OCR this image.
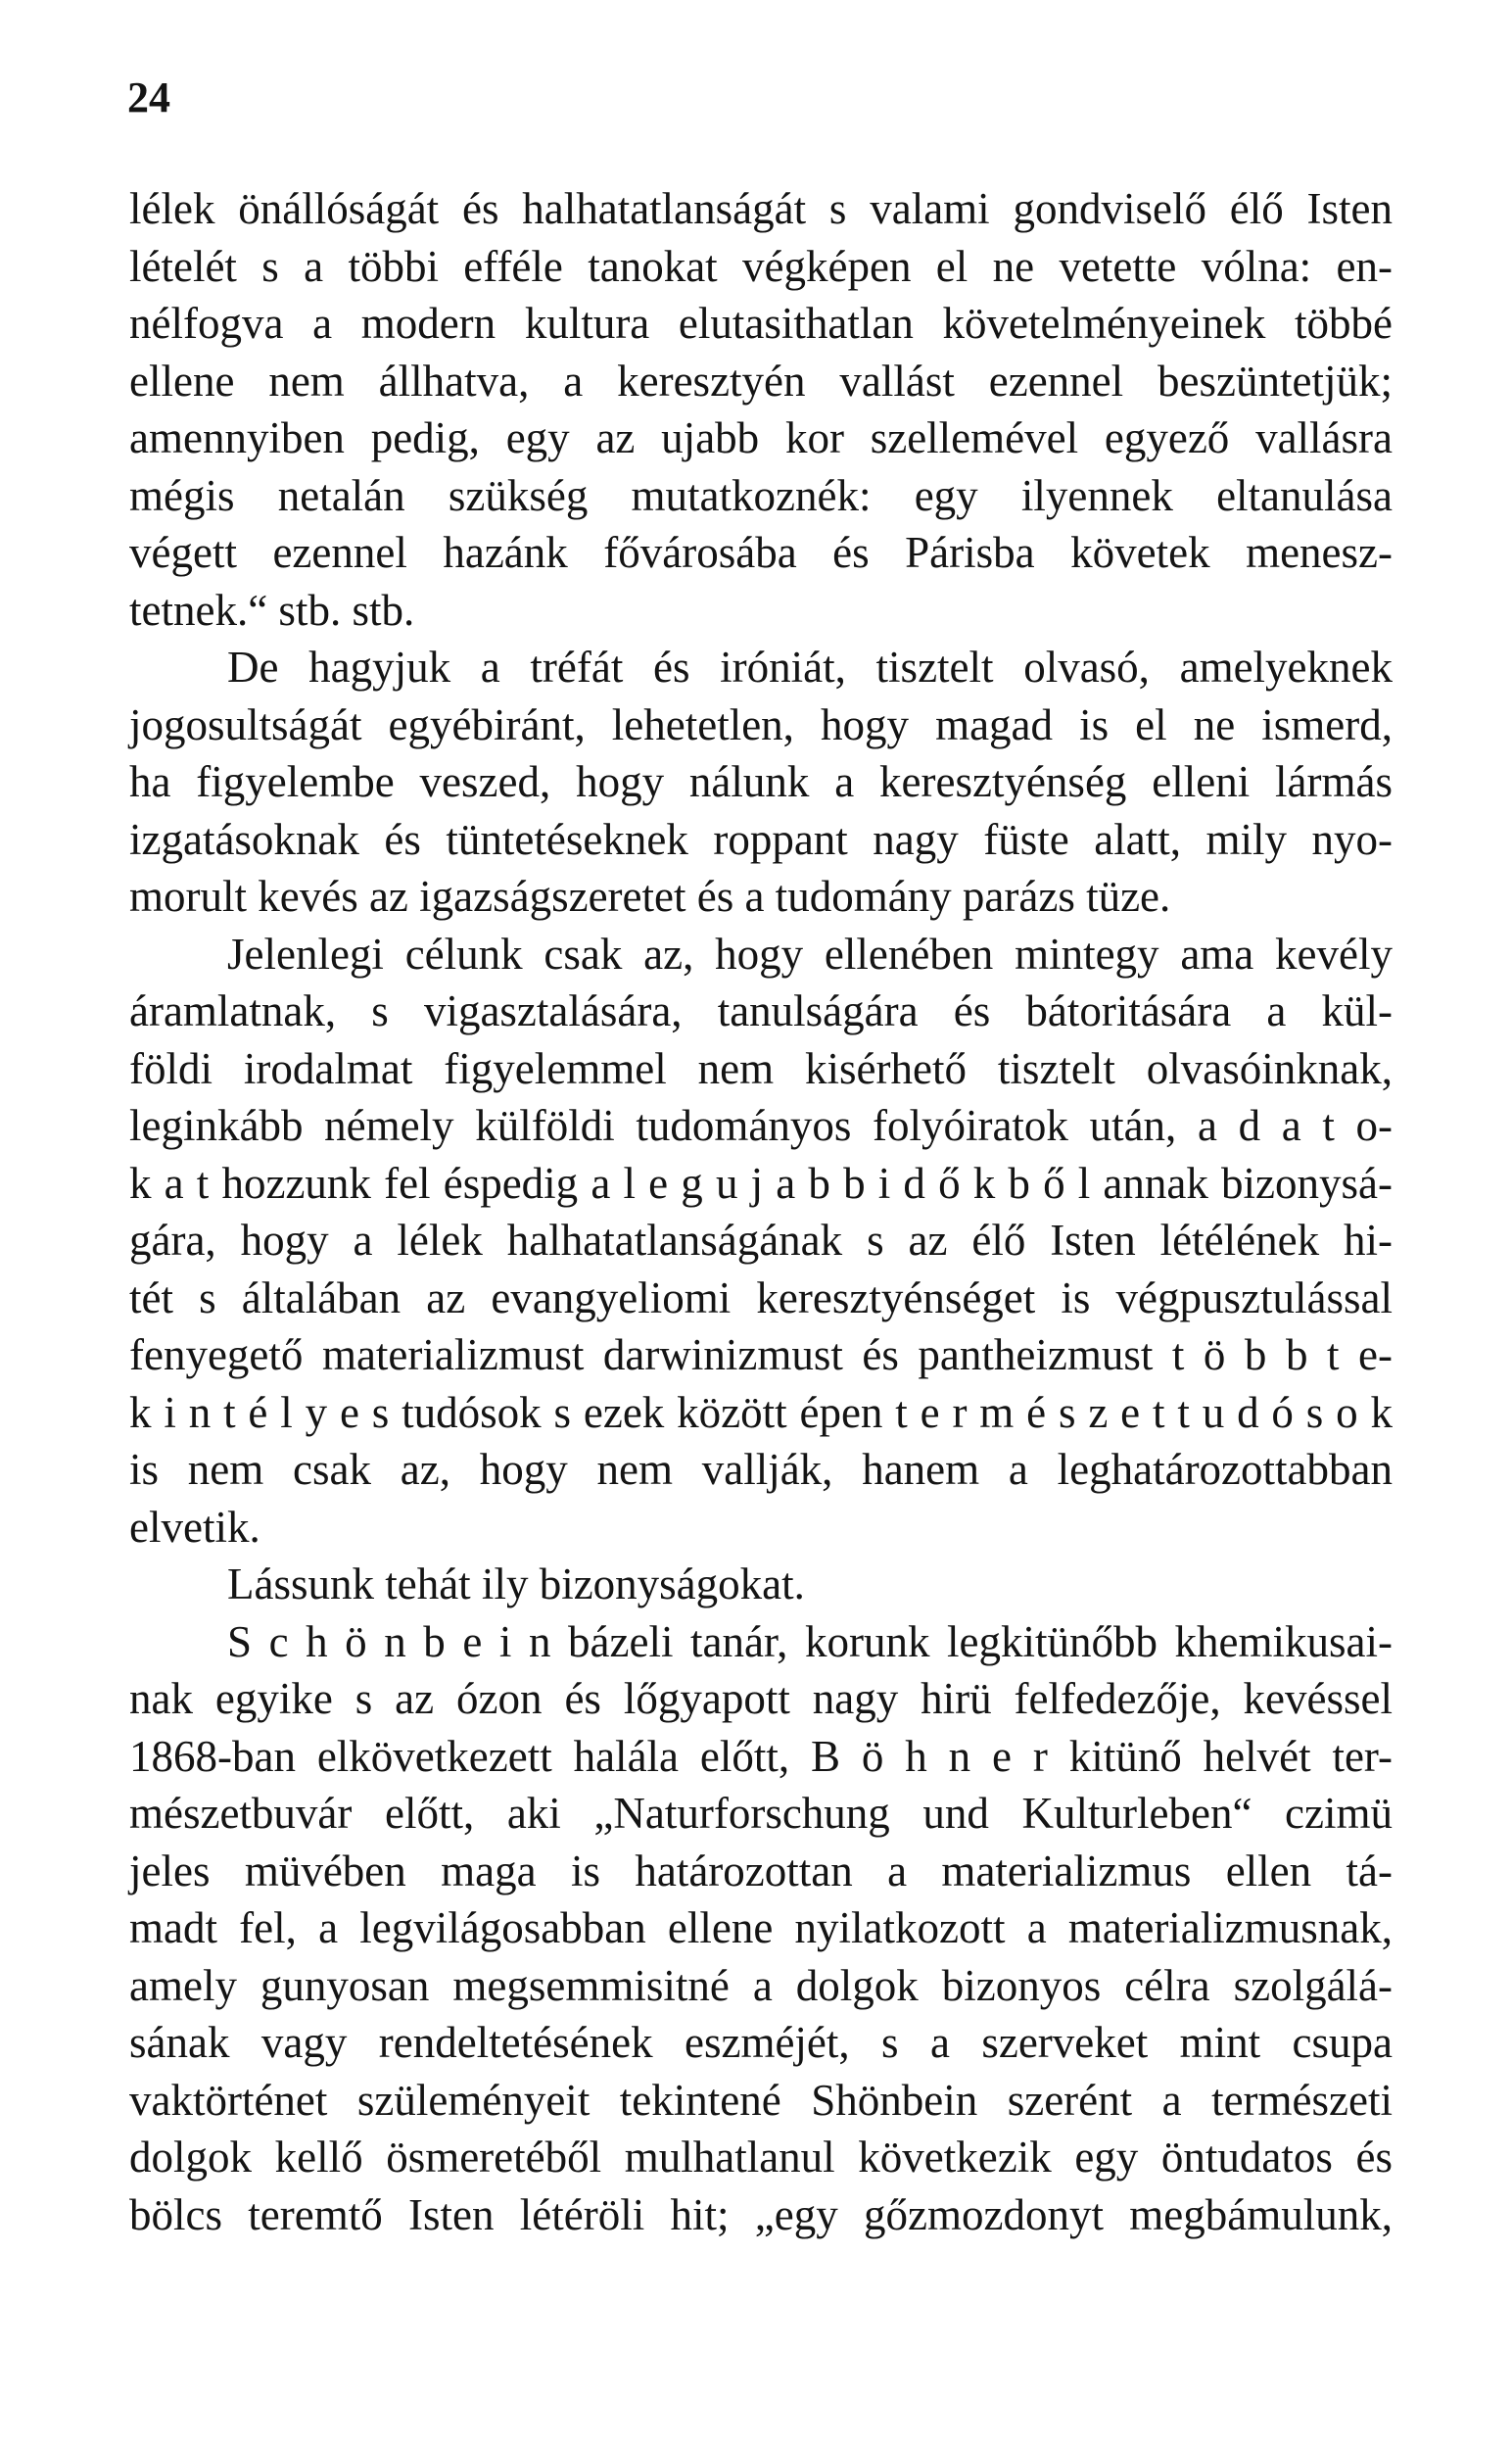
24
lélek önállóságát és halhatatlanságát s valami gondviselő élő Isten
lételét s a többi efféle tanokat végképen el ne vetette vólna: en-
nélfogva a modern kultura elutasithatlan követelményeinek többé
ellene nem állhatva, a keresztyén vallást ezennel beszüntetjük;
amennyiben pedig, egy az ujabb kor szellemével egyező vallásra
mégis netalán szükség mutatkoznék: egy ilyennek eltanulása
végett ezennel hazánk fővárosába és Párisba követek menesz-
tetnek.“ stb. stb.
De hagyjuk a tréfát és iróniát, tisztelt olvasó, amelyeknek
jogosultságát egyébiránt, lehetetlen, hogy magad is el ne ismerd,
ha figyelembe veszed, hogy nálunk a keresztyénség elleni lármás
izgatásoknak és tüntetéseknek roppant nagy füste alatt, mily nyo-
morult kevés az igazságszeretet és a tudomány parázs tüze.
Jelenlegi célunk csak az, hogy ellenében mintegy ama kevély
áramlatnak, s vigasztalására, tanulságára és bátoritására a kül-
földi irodalmat figyelemmel nem kisérhető tisztelt olvasóinknak,
leginkább némely külföldi tudományos folyóiratok után, a d a t o-
k a t hozzunk fel éspedig a l e g u j a b b i d ő k b ő l annak bizonysá-
gára, hogy a lélek halhatatlanságának s az élő Isten létélének hi-
tét s általában az evangyeliomi keresztyénséget is végpusztulással
fenyegető materializmust darwinizmust és pantheizmust t ö b b t e-
k i n t é l y e s tudósok s ezek között épen t e r m é s z e t t u d ó s o k
is nem csak az, hogy nem vallják, hanem a leghatározottabban
elvetik.
Lássunk tehát ily bizonyságokat.
S c h ö n b e i n bázeli tanár, korunk legkitünőbb khemikusai-
nak egyike s az ózon és lőgyapott nagy hirü felfedezője, kevéssel
1868-ban elkövetkezett halála előtt, B ö h n e r kitünő helvét ter-
mészetbuvár előtt, aki „Naturforschung und Kulturleben“ czimü
jeles müvében maga is határozottan a materializmus ellen tá-
madt fel, a legvilágosabban ellene nyilatkozott a materializmusnak,
amely gunyosan megsemmisitné a dolgok bizonyos célra szolgálá-
sának vagy rendeltetésének eszméjét, s a szerveket mint csupa
vaktörténet szüleményeit tekintené Shönbein szerént a természeti
dolgok kellő ösmeretéből mulhatlanul következik egy öntudatos és
bölcs teremtő Isten létéröli hit; „egy gőzmozdonyt megbámulunk,
